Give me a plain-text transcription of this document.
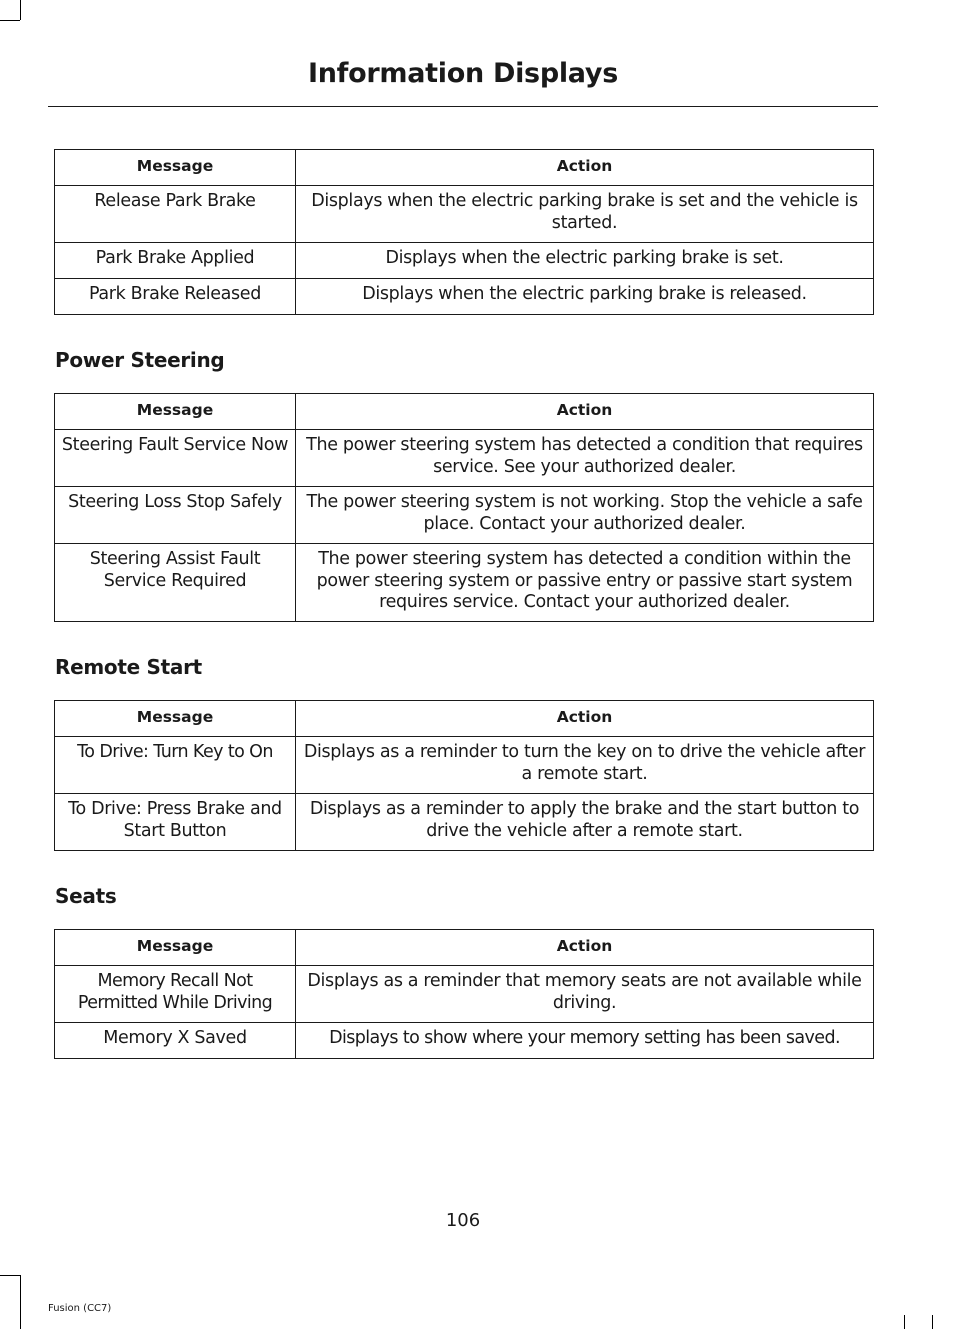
Information Displays
Message	Action
Release Park Brake	Displays when the electric parking brake is set and the vehicle is started.
Park Brake Applied	Displays when the electric parking brake is set.
Park Brake Released	Displays when the electric parking brake is released.
Power Steering
Message	Action
Steering Fault Service Now	The power steering system has detected a condition that requires service. See your authorized dealer.
Steering Loss Stop Safely	The power steering system is not working. Stop the vehicle a safe place. Contact your authorized dealer.
Steering Assist Fault Service Required	The power steering system has detected a condition within the power steering system or passive entry or passive start system requires service. Contact your authorized dealer.
Remote Start
Message	Action
To Drive: Turn Key to On	Displays as a reminder to turn the key on to drive the vehicle after a remote start.
To Drive: Press Brake and Start Button	Displays as a reminder to apply the brake and the start button to drive the vehicle after a remote start.
Seats
Message	Action
Memory Recall Not Permitted While Driving	Displays as a reminder that memory seats are not available while driving.
Memory X Saved	Displays to show where your memory setting has been saved.
106
Fusion (CC7)
